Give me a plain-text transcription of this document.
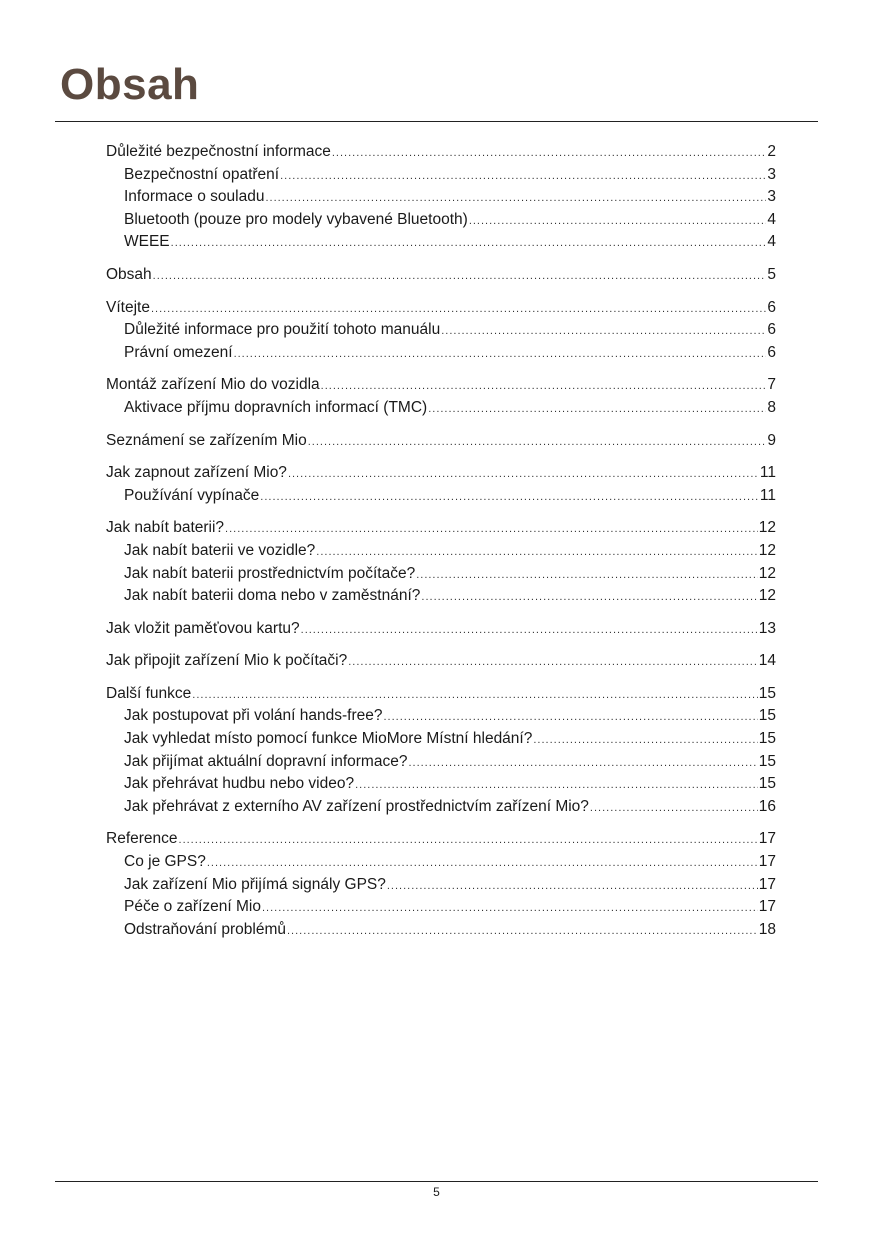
Obsah
Důležité bezpečnostní informace .....	2
Bezpečnostní opatření .....	3
Informace o souladu .....	3
Bluetooth (pouze pro modely vybavené Bluetooth) .....	4
WEEE .....	4
Obsah .....	5
Vítejte .....	6
Důležité informace pro použití tohoto manuálu .....	6
Právní omezení .....	6
Montáž zařízení Mio do vozidla .....	7
Aktivace příjmu dopravních informací (TMC) .....	8
Seznámení se zařízením Mio .....	9
Jak zapnout zařízení Mio? .....	11
Používání vypínače .....	11
Jak nabít baterii? .....	12
Jak nabít baterii ve vozidle? .....	12
Jak nabít baterii prostřednictvím počítače? .....	12
Jak nabít baterii doma nebo v zaměstnání? .....	12
Jak vložit paměťovou kartu? .....	13
Jak připojit zařízení Mio k počítači? .....	14
Další funkce .....	15
Jak postupovat při volání hands-free? .....	15
Jak vyhledat místo pomocí funkce MioMore Místní hledání? .....	15
Jak přijímat aktuální dopravní informace? .....	15
Jak přehrávat hudbu nebo video? .....	15
Jak přehrávat z externího AV zařízení prostřednictvím zařízení Mio? .....	16
Reference .....	17
Co je GPS? .....	17
Jak zařízení Mio přijímá signály GPS? .....	17
Péče o zařízení Mio .....	17
Odstraňování problémů .....	18
5
